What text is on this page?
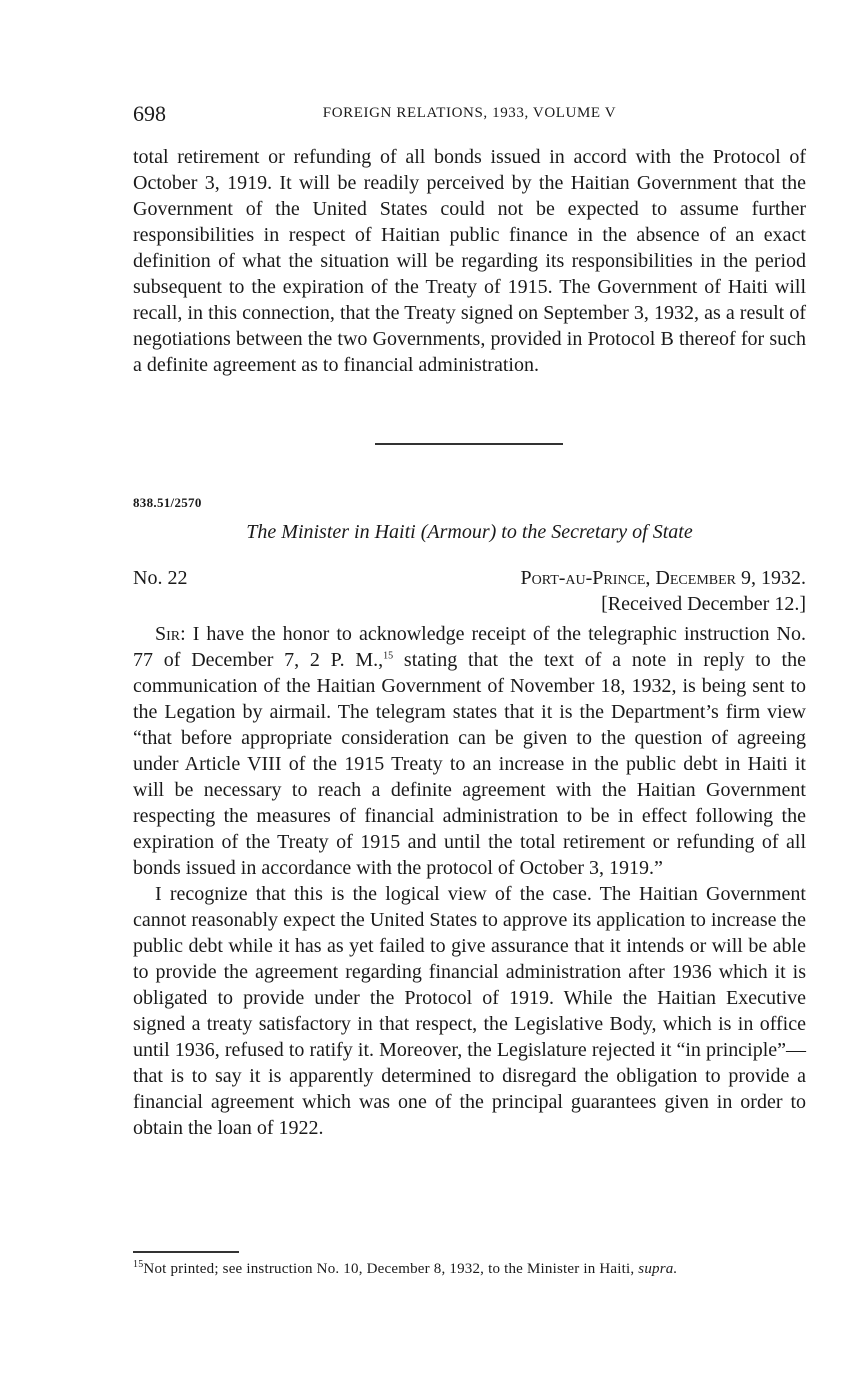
698	FOREIGN RELATIONS, 1933, VOLUME V

total retirement or refunding of all bonds issued in accord with the Protocol of October 3, 1919. It will be readily perceived by the Haitian Government that the Government of the United States could not be expected to assume further responsibilities in respect of Haitian public finance in the absence of an exact definition of what the situation will be regarding its responsibilities in the period subsequent to the expiration of the Treaty of 1915. The Government of Haiti will recall, in this connection, that the Treaty signed on September 3, 1932, as a result of negotiations between the two Governments, provided in Protocol B thereof for such a definite agreement as to financial administration.

838.51/2570
The Minister in Haiti (Armour) to the Secretary of State
No. 22	Port-au-Prince, December 9, 1932.
[Received December 12.]

Sir: I have the honor to acknowledge receipt of the telegraphic instruction No. 77 of December 7, 2 P. M.,$^{15}$ stating that the text of a note in reply to the communication of the Haitian Government of November 18, 1932, is being sent to the Legation by airmail. The telegram states that it is the Department’s firm view “that before appropriate consideration can be given to the question of agreeing under Article VIII of the 1915 Treaty to an increase in the public debt in Haiti it will be necessary to reach a definite agreement with the Haitian Government respecting the measures of financial administration to be in effect following the expiration of the Treaty of 1915 and until the total retirement or refunding of all bonds issued in accordance with the protocol of October 3, 1919.”

I recognize that this is the logical view of the case. The Haitian Government cannot reasonably expect the United States to approve its application to increase the public debt while it has as yet failed to give assurance that it intends or will be able to provide the agreement regarding financial administration after 1936 which it is obligated to provide under the Protocol of 1919. While the Haitian Executive signed a treaty satisfactory in that respect, the Legislative Body, which is in office until 1936, refused to ratify it. Moreover, the Legislature rejected it “in principle”—that is to say it is apparently determined to disregard the obligation to provide a financial agreement which was one of the principal guarantees given in order to obtain the loan of 1922.

$^{15}$Not printed; see instruction No. 10, December 8, 1932, to the Minister in Haiti, supra.
